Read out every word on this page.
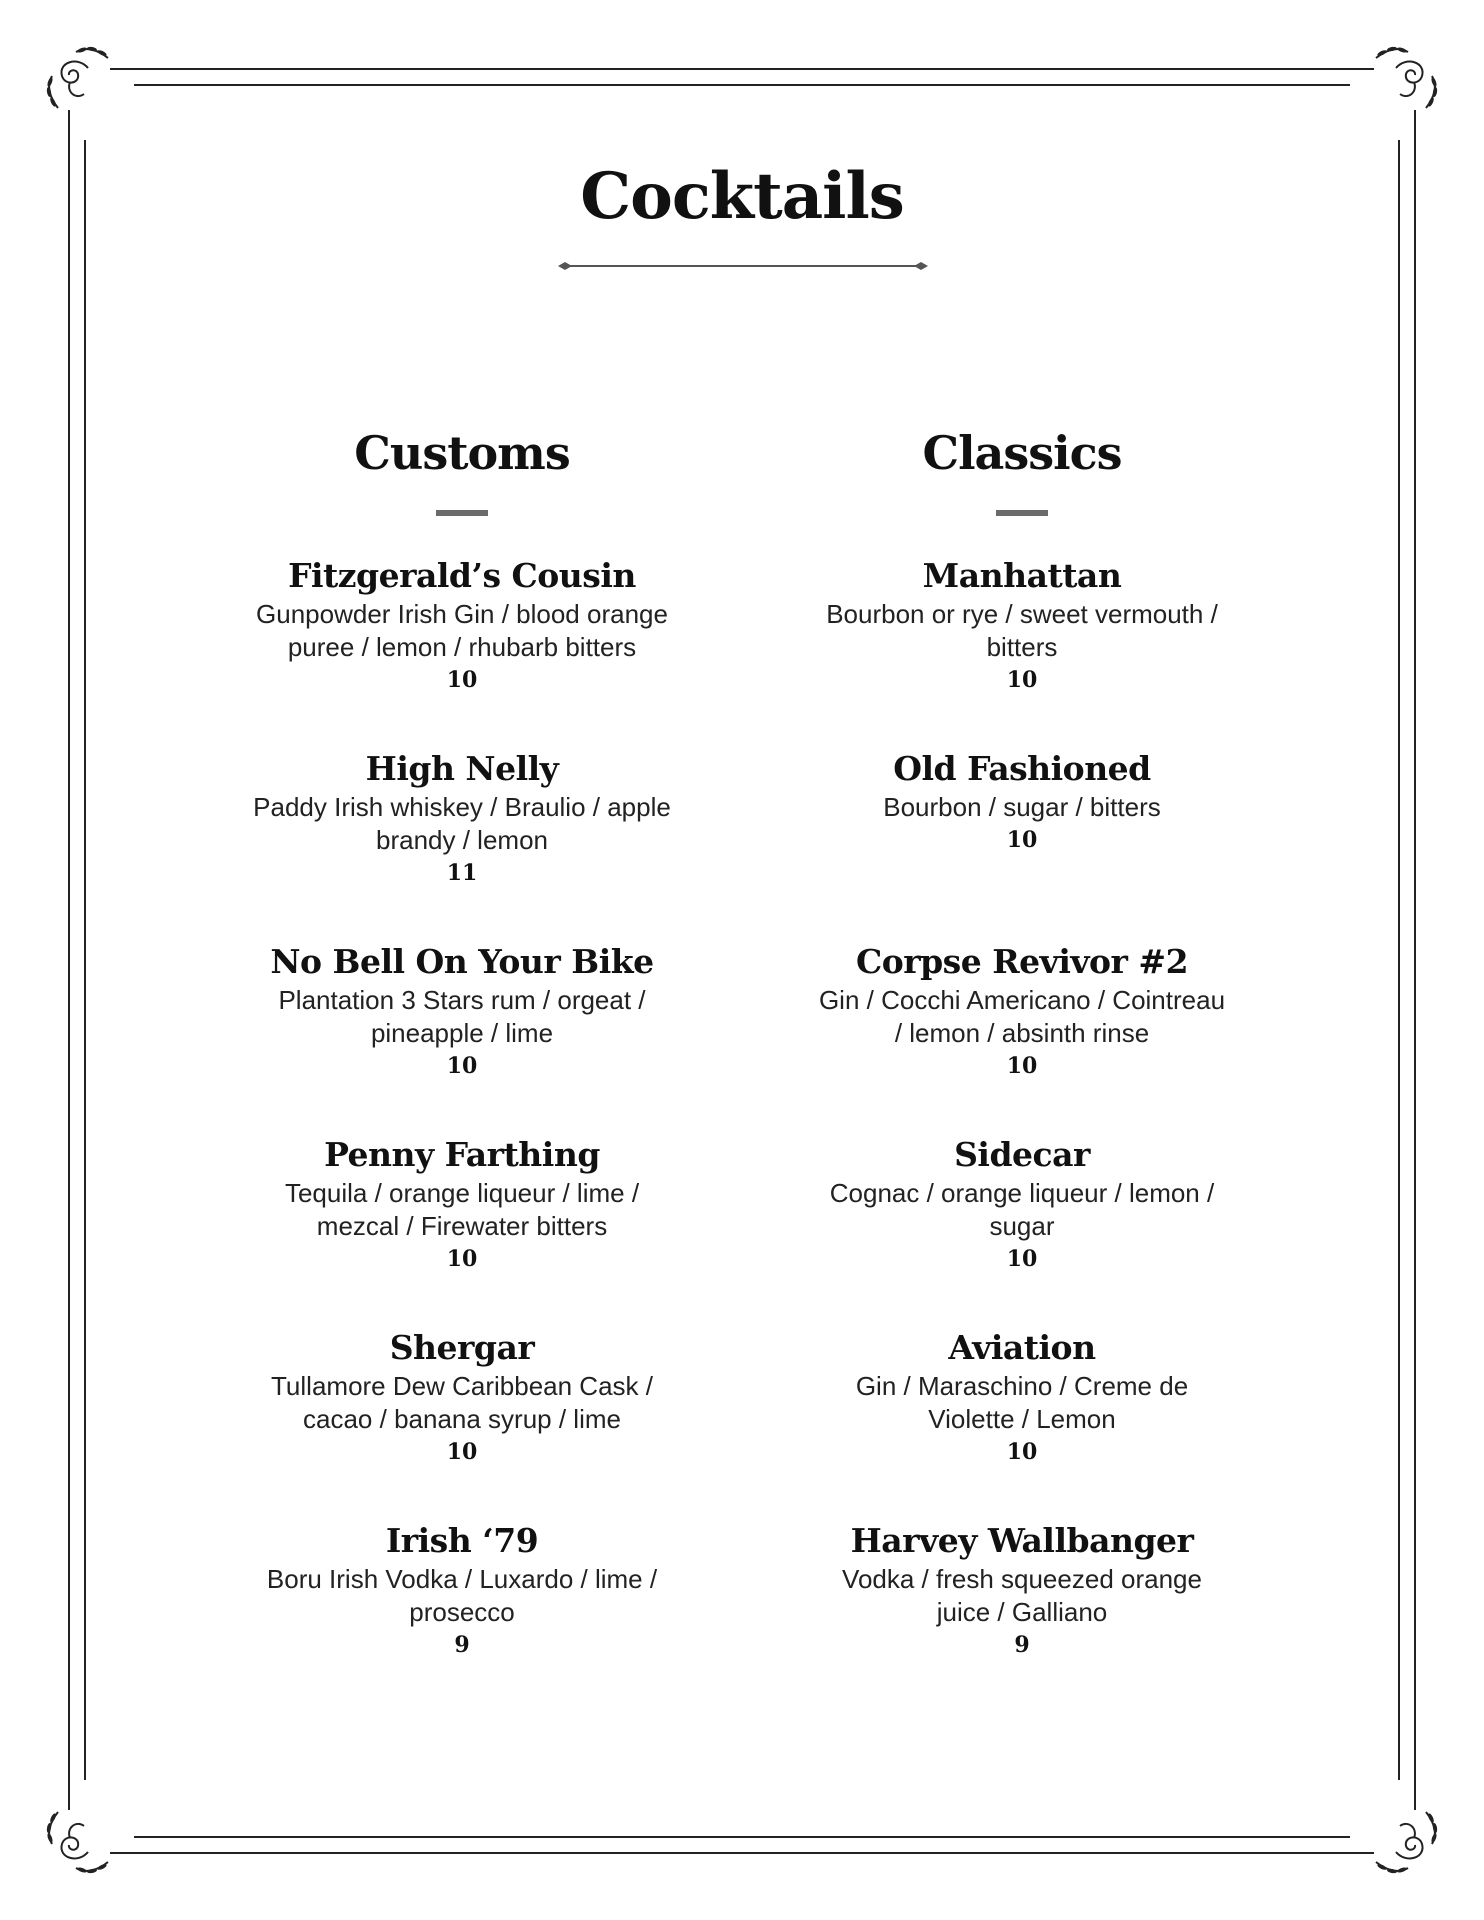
Cocktails
Customs
Fitzgerald’s Cousin
Gunpowder Irish Gin / blood orange puree / lemon / rhubarb bitters
10
High Nelly
Paddy Irish whiskey / Braulio / apple brandy / lemon
11
No Bell On Your Bike
Plantation 3 Stars rum / orgeat / pineapple / lime
10
Penny Farthing
Tequila / orange liqueur / lime / mezcal / Firewater bitters
10
Shergar
Tullamore Dew Caribbean Cask / cacao / banana syrup / lime
10
Irish ‘79
Boru Irish Vodka / Luxardo / lime / prosecco
9
Classics
Manhattan
Bourbon or rye / sweet vermouth / bitters
10
Old Fashioned
Bourbon / sugar / bitters
10
Corpse Revivor #2
Gin / Cocchi Americano / Cointreau / lemon / absinth rinse
10
Sidecar
Cognac / orange liqueur / lemon / sugar
10
Aviation
Gin / Maraschino / Creme de Violette / Lemon
10
Harvey Wallbanger
Vodka / fresh squeezed orange juice / Galliano
9
